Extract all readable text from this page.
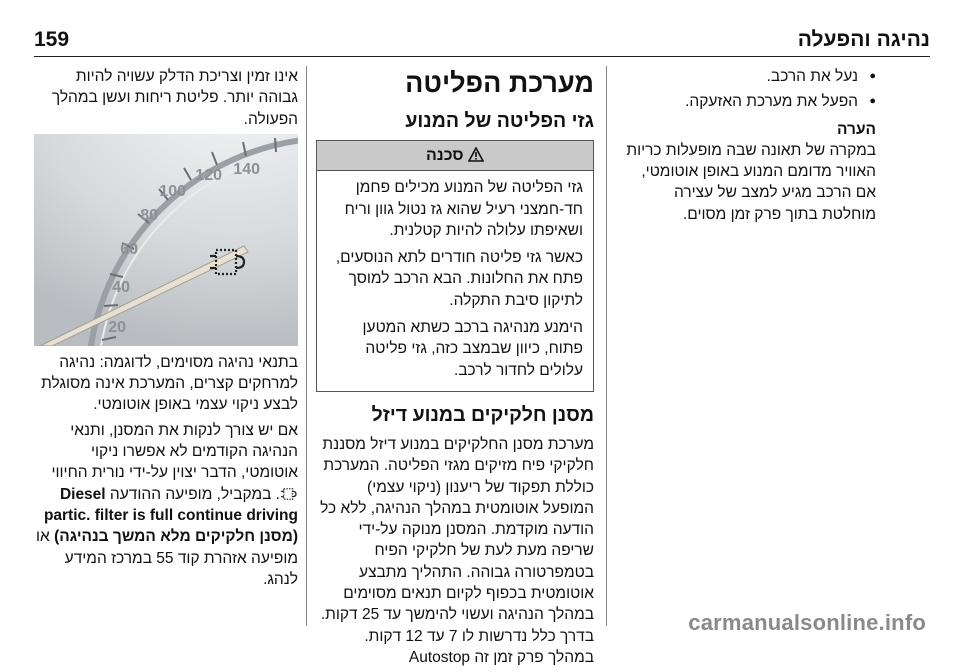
159	נהיגה והפעלה
● נעל את הרכב.
● הפעל את מערכת האזעקה.
הערה

במקרה של תאונה שבה מופעלות כריות האוויר מדומם המנוע באופן אוטומטי, אם הרכב מגיע למצב של עצירה מוחלטת בתוך פרק זמן מסוים.

מערכת הפליטה
גזי הפליטה של המנוע
סכנה

גזי הפליטה של המנוע מכילים פחמן חד-חמצני רעיל שהוא גז נטול גוון וריח ושאיפתו עלולה להיות קטלנית.

כאשר גזי פליטה חודרים לתא הנוסעים, פתח את החלונות. הבא הרכב למוסך לתיקון סיבת התקלה.

הימנע מנהיגה ברכב כשתא המטען פתוח, כיוון שבמצב כזה, גזי פליטה עלולים לחדור לרכב.

מסנן חלקיקים במנוע דיזל

מערכת מסנן החלקיקים במנוע דיזל מסננת חלקיקי פיח מזיקים מגזי הפליטה. המערכת כוללת תפקוד של ריענון (ניקוי עצמי) המופעל אוטומטית במהלך הנהיגה, ללא כל הודעה מוקדמת. המסנן מנוקה על-ידי שריפה מעת לעת של חלקיקי הפיח בטמפרטורה גבוהה. התהליך מתבצע אוטומטית בכפוף לקיום תנאים מסוימים במהלך הנהיגה ועשוי להימשך עד 25 דקות. בדרך כלל נדרשות לו 7 עד 12 דקות. במהלך פרק זמן זה Autostop

אינו זמין וצריכת הדלק עשויה להיות גבוהה יותר. פליטת ריחות ועשן במהלך הפעולה.

20
40
60
80
100
120 140

בתנאי נהיגה מסוימים, לדוגמה: נהיגה למרחקים קצרים, המערכת אינה מסוגלת לבצע ניקוי עצמי באופן אוטומטי.

אם יש צורך לנקות את המסנן, ותנאי הנהיגה הקודמים לא אפשרו ניקוי אוטומטי, הדבר יצוין על-ידי נורית החיווי . במקביל, מופיעה ההודעה Diesel partic. filter is full continue driving (מסנן חלקיקים מלא המשך בנהיגה) או מופיעה אזהרת קוד 55 במרכז המידע לנהג.

carmanualsonline.info
